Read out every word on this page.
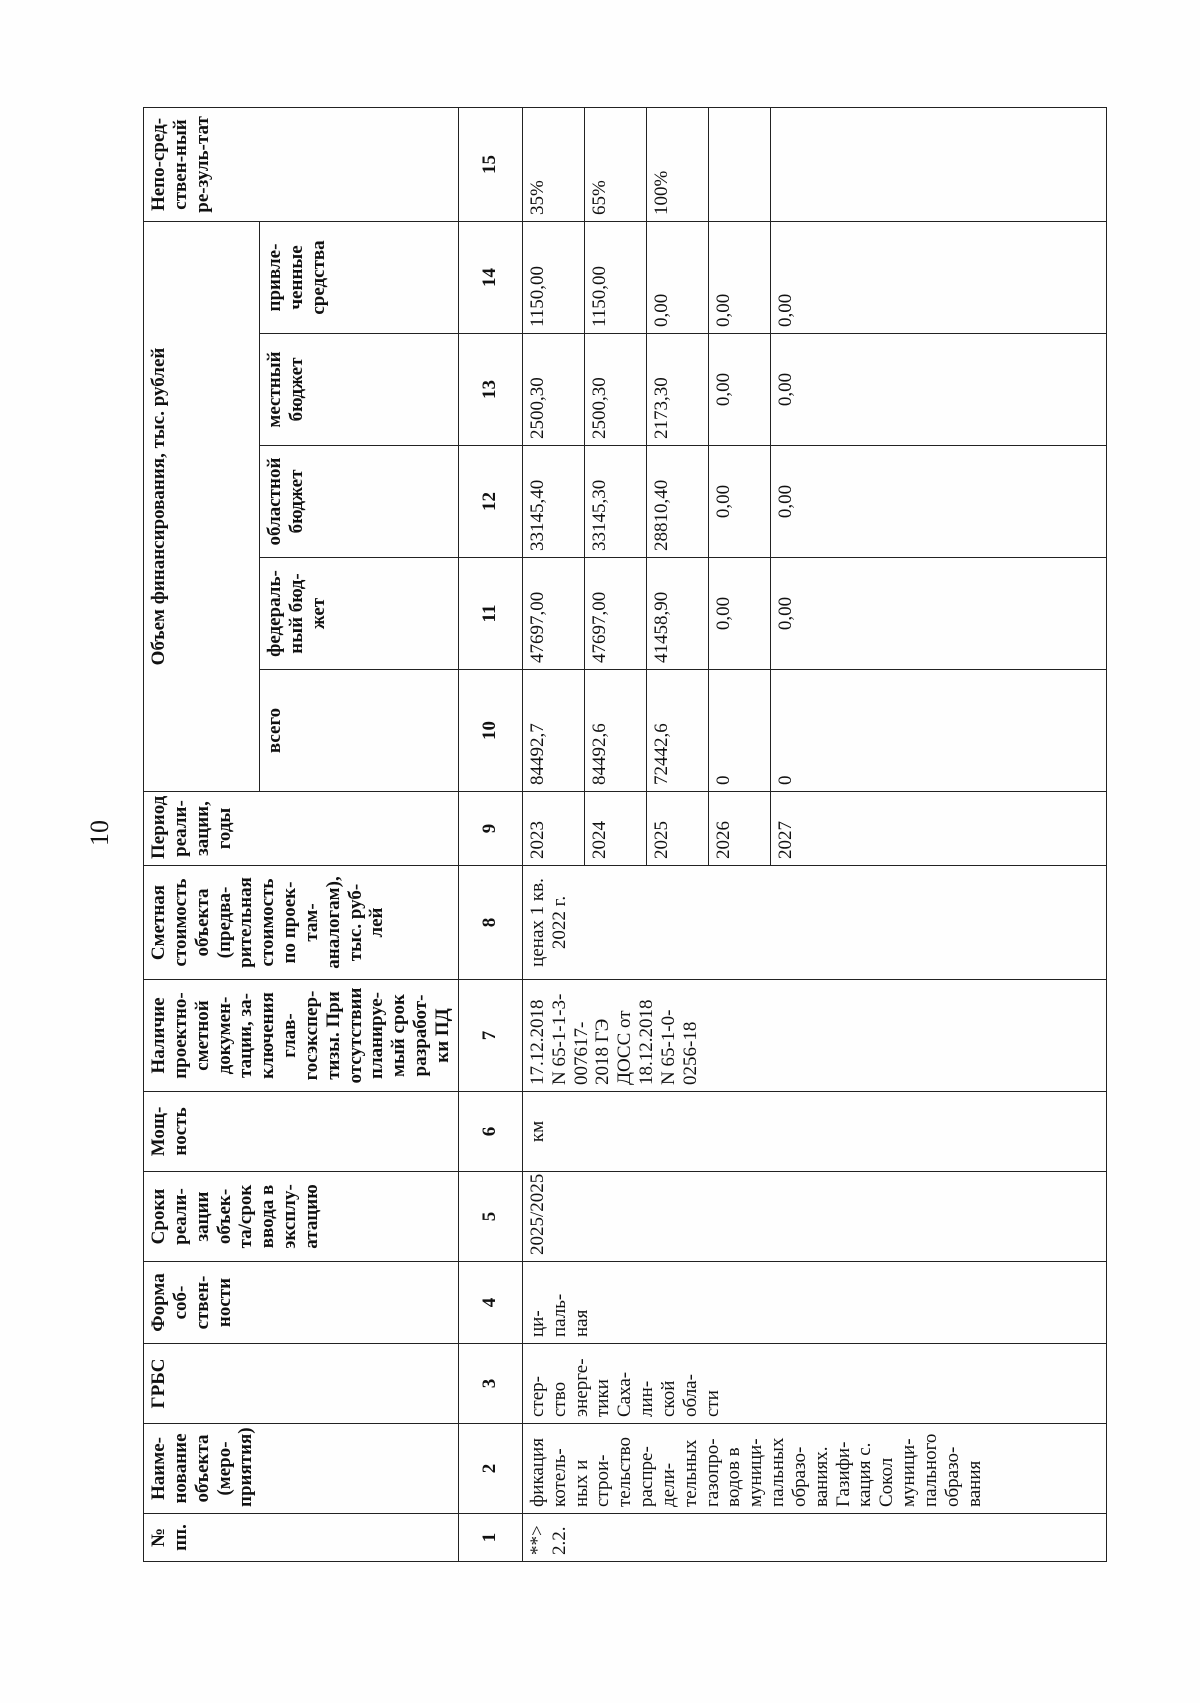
10
№ пп.	Наиме-нование объекта (меро-приятия)	ГРБС	Форма соб-ствен-ности	Сроки реали-зации объек-та/срок ввода в эксплу-атацию	Мощ-ность	Наличие проектно-сметной докумен-тации, за-ключения глав-госэкспер-тизы. При отсутствии планируе-мый срок разработ-ки ПД	Сметная стоимость объекта (предва-рительная стоимость по проек-там-аналогам), тыс. руб-лей	Период реали-зации, годы	Объем финансирования, тыс. рублей					Непо-сред-ствен-ный ре-зуль-тат
									всего	федераль-ный бюд-жет	областной бюджет	местный бюджет	привле-ченные средства	
1	2	3	4	5	6	7	8	9	10	11	12	13	14	15
**> 2.2.	фикация котель-ных и строи-тельство распре-дели-тельных газопро-водов в муници-пальных образо-ваниях. Газифи-кация с. Сокол муници-пального образо-вания	стер-ство энерге-тики Саха-лин-ской обла-сти	ци-паль-ная	2025/2025	км	17.12.2018 N 65-1-1-3-007617-2018 ГЭ ДОСС от 18.12.2018 N 65-1-0-0256-18	ценах 1 кв. 2022 г.	2023	84492,7	47697,00	33145,40	2500,30	1150,00	35%
								2024	84492,6	47697,00	33145,30	2500,30	1150,00	65%
								2025	72442,6	41458,90	28810,40	2173,30	0,00	100%
								2026	0	0,00	0,00	0,00	0,00	
								2027	0	0,00	0,00	0,00	0,00	
